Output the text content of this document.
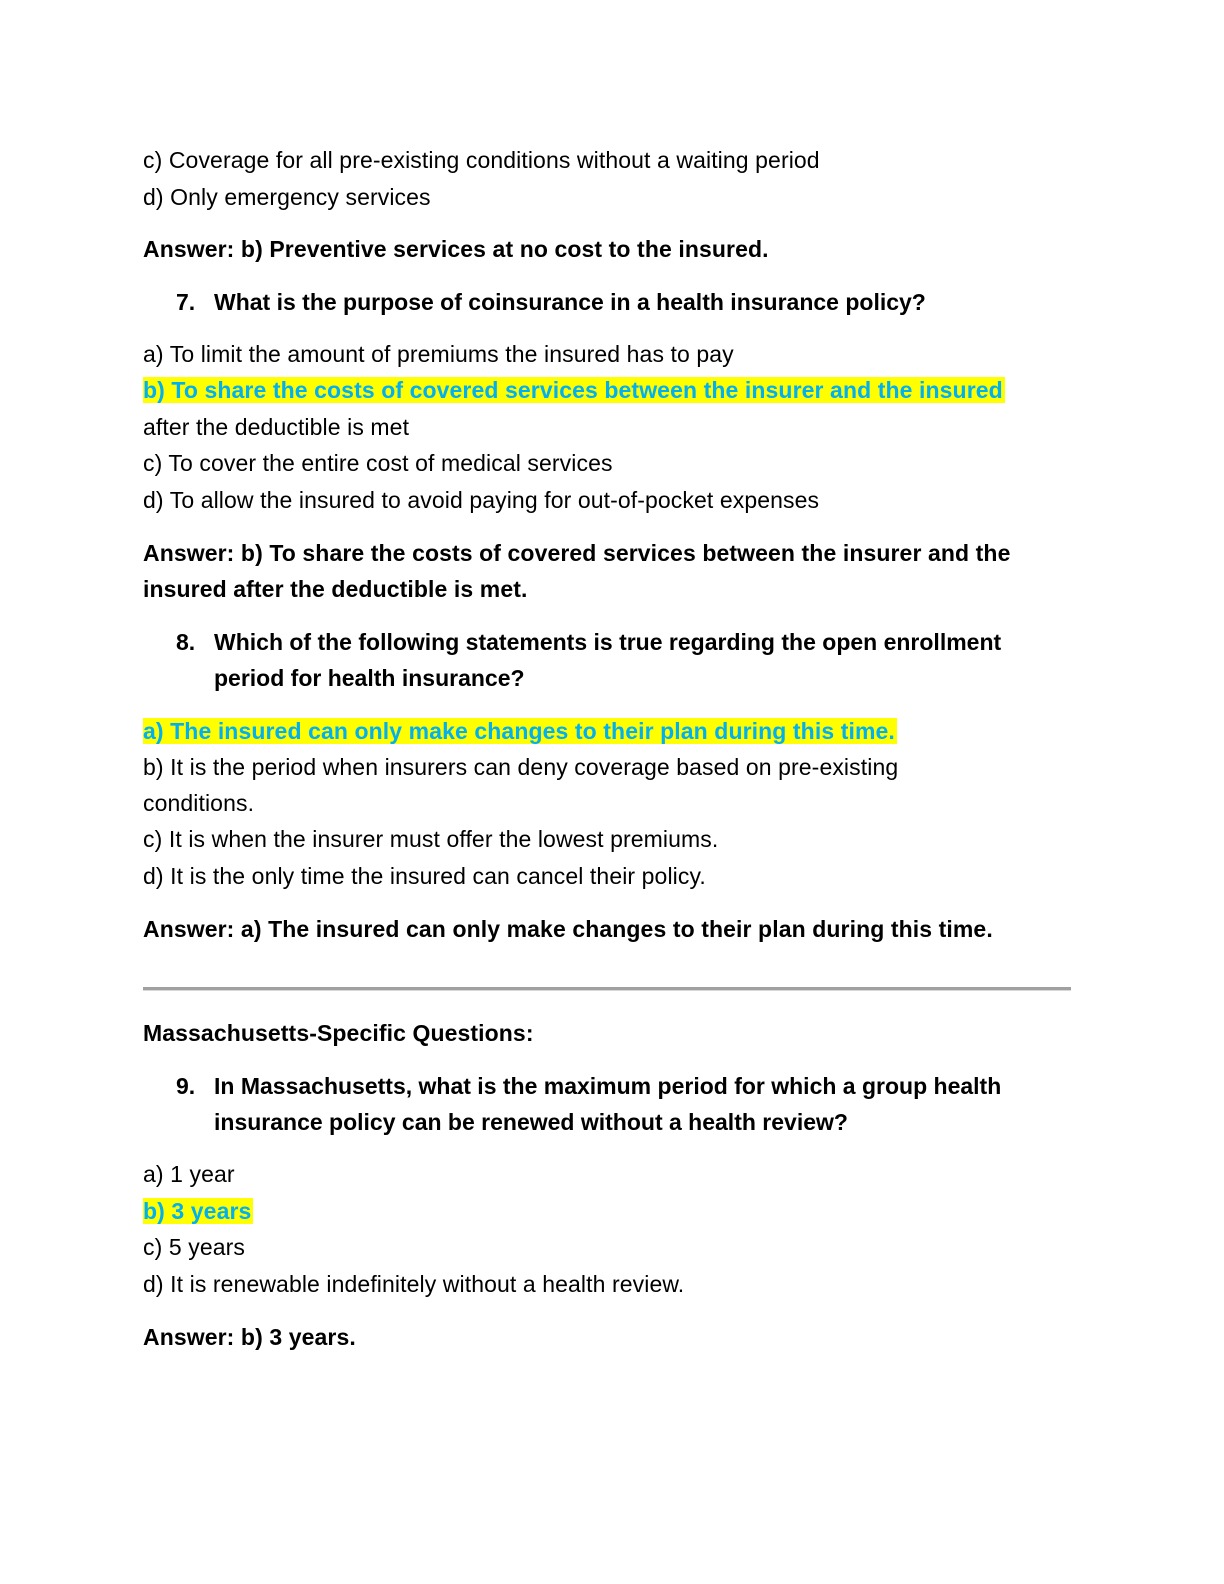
c) Coverage for all pre-existing conditions without a waiting period
d) Only emergency services
Answer: b) Preventive services at no cost to the insured.
7. What is the purpose of coinsurance in a health insurance policy?
a) To limit the amount of premiums the insured has to pay
b) To share the costs of covered services between the insurer and the insured
after the deductible is met
c) To cover the entire cost of medical services
d) To allow the insured to avoid paying for out-of-pocket expenses
Answer: b) To share the costs of covered services between the insurer and the
insured after the deductible is met.
8. Which of the following statements is true regarding the open enrollment
period for health insurance?
a) The insured can only make changes to their plan during this time.
b) It is the period when insurers can deny coverage based on pre-existing
conditions.
c) It is when the insurer must offer the lowest premiums.
d) It is the only time the insured can cancel their policy.
Answer: a) The insured can only make changes to their plan during this time.
Massachusetts-Specific Questions:
9. In Massachusetts, what is the maximum period for which a group health
insurance policy can be renewed without a health review?
a) 1 year
b) 3 years
c) 5 years
d) It is renewable indefinitely without a health review.
Answer: b) 3 years.
